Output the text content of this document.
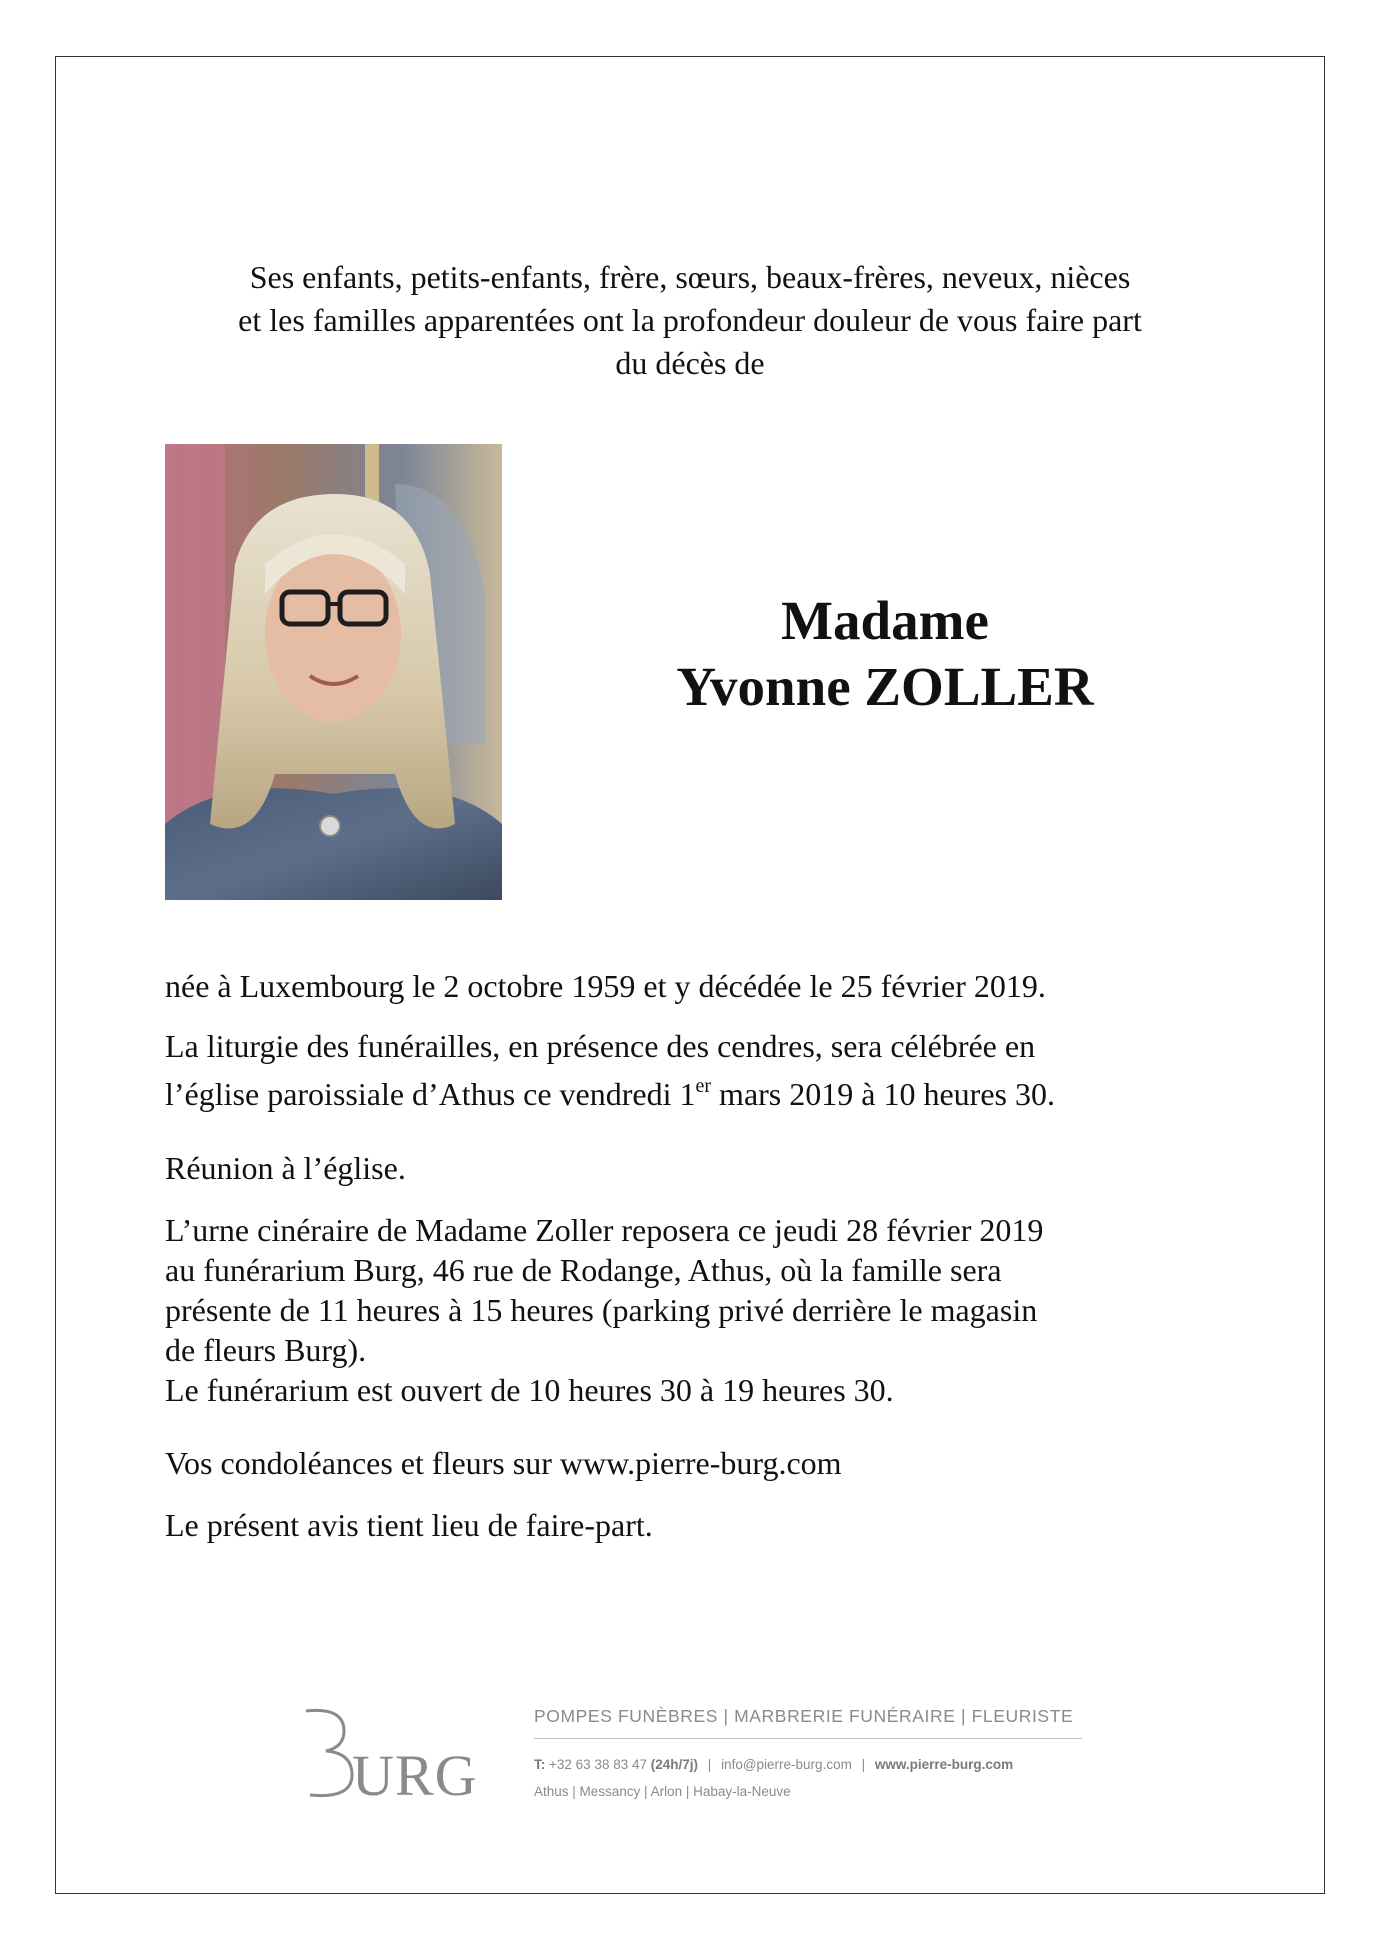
Ses enfants, petits-enfants, frère, sœurs, beaux-frères, neveux, nièces
et les familles apparentées ont la profondeur douleur de vous faire part
du décès de
Madame
Yvonne ZOLLER

née à Luxembourg le 2 octobre 1959 et y décédée le 25 février 2019.

La liturgie des funérailles, en présence des cendres, sera célébrée en

l’église paroissiale d’Athus ce vendredi 1er mars 2019 à 10 heures 30.

Réunion à l’église.

L’urne cinéraire de Madame Zoller reposera ce jeudi 28 février 2019

au funérarium Burg, 46 rue de Rodange, Athus, où la famille sera

présente de 11 heures à 15 heures (parking privé derrière le magasin

de fleurs Burg).

Le funérarium est ouvert de 10 heures 30 à 19 heures 30.

Vos condoléances et fleurs sur www.pierre-burg.com

Le présent avis tient lieu de faire-part.

URG
POMPES FUNÈBRES | MARBRERIE FUNÉRAIRE | FLEURISTE
T: +32 63 38 83 47 (24h/7j) | info@pierre-burg.com | www.pierre-burg.com
Athus | Messancy | Arlon | Habay-la-Neuve
